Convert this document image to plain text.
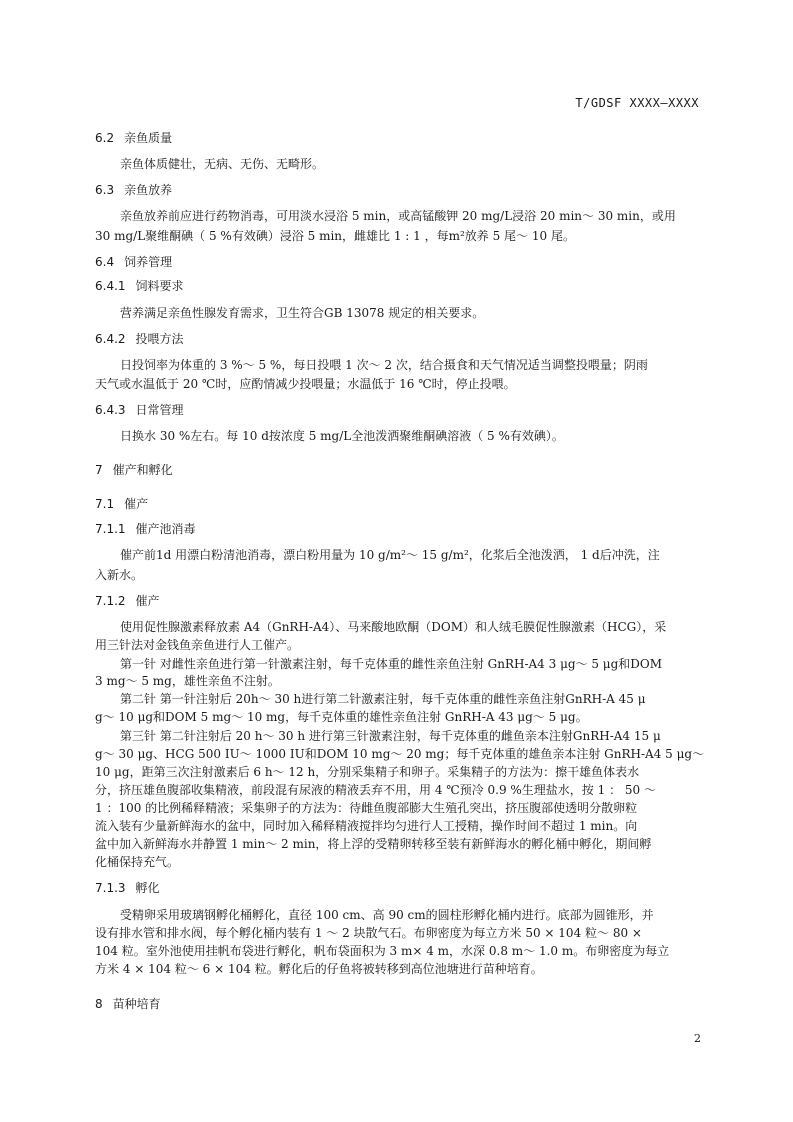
T/GDSF XXXX—XXXX
6.2 亲鱼质量
亲鱼体质健壮，无病、无伤、无畸形。
6.3 亲鱼放养
亲鱼放养前应进行药物消毒，可用淡水浸浴 5 min，或高锰酸钾 20 mg/L浸浴 20 min～ 30 min，或用
30 mg/L聚维酮碘（ 5 %有效碘）浸浴 5 min，雌雄比 1 : 1 ，每m²放养 5 尾～ 10 尾。
6.4 饲养管理
6.4.1 饲料要求
营养满足亲鱼性腺发育需求，卫生符合GB 13078 规定的相关要求。
6.4.2 投喂方法
日投饲率为体重的 3 %～ 5 %，每日投喂 1 次～ 2 次，结合摄食和天气情况适当调整投喂量；阴雨
天气或水温低于 20 ℃时，应酌情减少投喂量；水温低于 16 ℃时，停止投喂。
6.4.3 日常管理
日换水 30 %左右。每 10 d按浓度 5 mg/L全池泼洒聚维酮碘溶液（ 5 %有效碘）。
7 催产和孵化
7.1 催产
7.1.1 催产池消毒
催产前1d 用漂白粉清池消毒，漂白粉用量为 10 g/m²～ 15 g/m²，化浆后全池泼洒， 1 d后冲洗，注
入新水。
7.1.2 催产
使用促性腺激素释放素 A4（GnRH-A4）、马来酸地欧酮（DOM）和人绒毛膜促性腺激素（HCG），采
用三针法对金钱鱼亲鱼进行人工催产。
第一针 对雌性亲鱼进行第一针激素注射，每千克体重的雌性亲鱼注射 GnRH-A4 3 μg～ 5 μg和DOM
3 mg～ 5 mg，雄性亲鱼不注射。
第二针 第一针注射后 20h～ 30 h进行第二针激素注射，每千克体重的雌性亲鱼注射GnRH-A 45 μ
g～ 10 μg和DOM 5 mg～ 10 mg，每千克体重的雄性亲鱼注射 GnRH-A 43 μg～ 5 μg。
第三针 第二针注射后 20 h～ 30 h 进行第三针激素注射，每千克体重的雌鱼亲本注射GnRH-A4 15 μ
g～ 30 μg、HCG 500 IU～ 1000 IU和DOM 10 mg～ 20 mg；每千克体重的雄鱼亲本注射 GnRH-A4 5 μg～
10 μg，距第三次注射激素后 6 h～ 12 h，分别采集精子和卵子。采集精子的方法为：擦干雄鱼体表水
分，挤压雄鱼腹部收集精液，前段混有尿液的精液丢弃不用，用 4 ℃预冷 0.9 %生理盐水，按 1 ： 50 ～
1 ：100 的比例稀释精液；采集卵子的方法为：待雌鱼腹部膨大生殖孔突出，挤压腹部使透明分散卵粒
流入装有少量新鲜海水的盆中，同时加入稀释精液搅拌均匀进行人工授精，操作时间不超过 1 min。向
盆中加入新鲜海水并静置 1 min～ 2 min，将上浮的受精卵转移至装有新鲜海水的孵化桶中孵化，期间孵
化桶保持充气。
7.1.3 孵化
受精卵采用玻璃钢孵化桶孵化，直径 100 cm、高 90 cm的圆柱形孵化桶内进行。底部为圆锥形，并
设有排水管和排水阀，每个孵化桶内装有 1 ～ 2 块散气石。布卵密度为每立方米 50 × 104 粒～ 80 ×
104 粒。室外池使用挂帆布袋进行孵化，帆布袋面积为 3 m× 4 m，水深 0.8 m～ 1.0 m。布卵密度为每立
方米 4 × 104 粒～ 6 × 104 粒。孵化后的仔鱼将被转移到高位池塘进行苗种培育。
8 苗种培育
2
